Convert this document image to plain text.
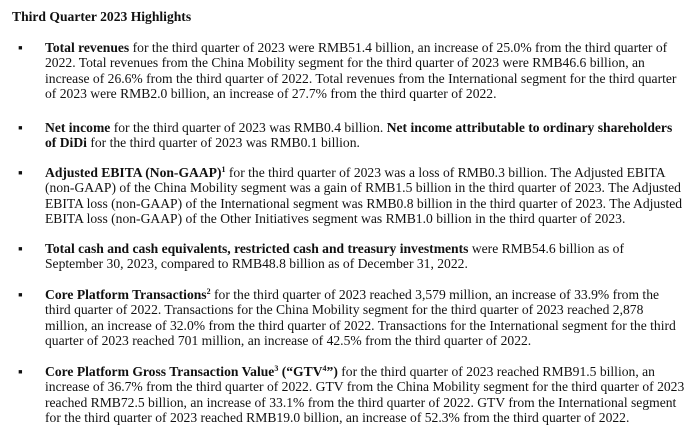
Third Quarter 2023 Highlights
▪ Total revenues for the third quarter of 2023 were RMB51.4 billion, an increase of 25.0% from the third quarter of 2022. Total revenues from the China Mobility segment for the third quarter of 2023 were RMB46.6 billion, an increase of 26.6% from the third quarter of 2022. Total revenues from the International segment for the third quarter of 2023 were RMB2.0 billion, an increase of 27.7% from the third quarter of 2022.
▪ Net income for the third quarter of 2023 was RMB0.4 billion. Net income attributable to ordinary shareholders of DiDi for the third quarter of 2023 was RMB0.1 billion.
▪ Adjusted EBITA (Non-GAAP)$^1$ for the third quarter of 2023 was a loss of RMB0.3 billion. The Adjusted EBITA (non-GAAP) of the China Mobility segment was a gain of RMB1.5 billion in the third quarter of 2023. The Adjusted EBITA loss (non-GAAP) of the International segment was RMB0.8 billion in the third quarter of 2023. The Adjusted EBITA loss (non-GAAP) of the Other Initiatives segment was RMB1.0 billion in the third quarter of 2023.
▪ Total cash and cash equivalents, restricted cash and treasury investments were RMB54.6 billion as of September 30, 2023, compared to RMB48.8 billion as of December 31, 2022.
▪ Core Platform Transactions$^2$ for the third quarter of 2023 reached 3,579 million, an increase of 33.9% from the third quarter of 2022. Transactions for the China Mobility segment for the third quarter of 2023 reached 2,878 million, an increase of 32.0% from the third quarter of 2022. Transactions for the International segment for the third quarter of 2023 reached 701 million, an increase of 42.5% from the third quarter of 2022.
▪ Core Platform Gross Transaction Value$^3$ (“GTV$^4$”) for the third quarter of 2023 reached RMB91.5 billion, an increase of 36.7% from the third quarter of 2022. GTV from the China Mobility segment for the third quarter of 2023 reached RMB72.5 billion, an increase of 33.1% from the third quarter of 2022. GTV from the International segment for the third quarter of 2023 reached RMB19.0 billion, an increase of 52.3% from the third quarter of 2022.
